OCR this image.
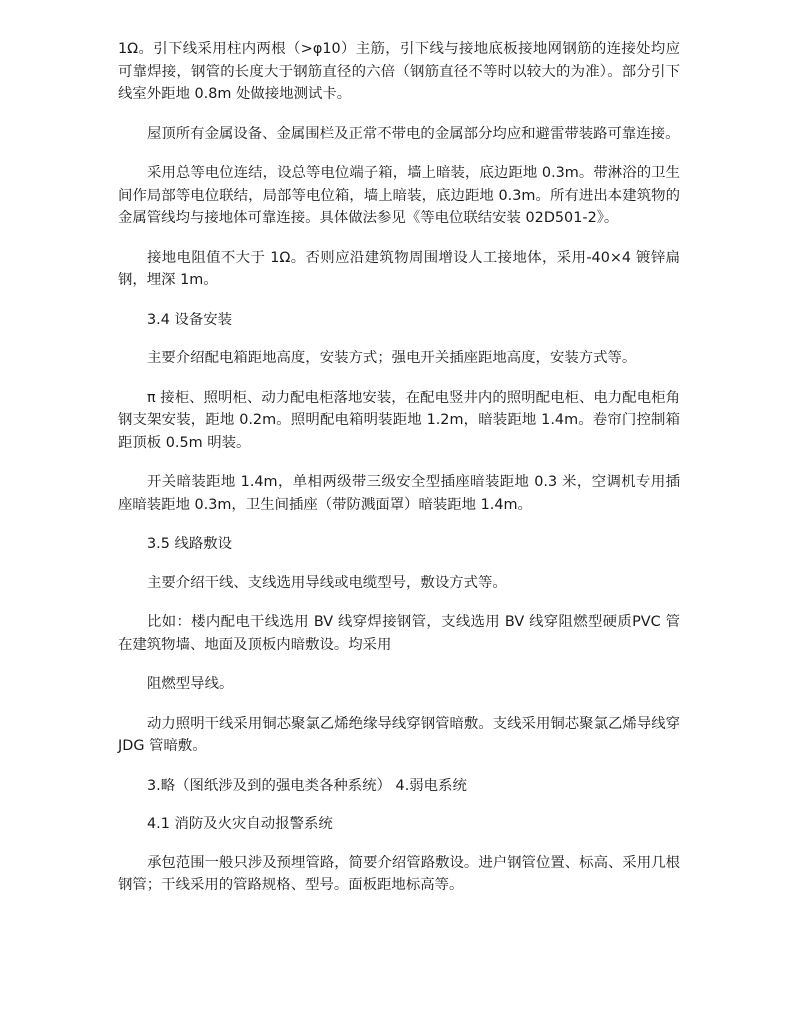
1Ω。引下线采用柱内两根（>φ10）主筋，引下线与接地底板接地网钢筋的连接处均应可靠焊接，钢管的长度大于钢筋直径的六倍（钢筋直径不等时以较大的为准）。部分引下线室外距地 0.8m 处做接地测试卡。

屋顶所有金属设备、金属围栏及正常不带电的金属部分均应和避雷带装路可靠连接。

采用总等电位连结，设总等电位端子箱，墙上暗装，底边距地 0.3m。带淋浴的卫生间作局部等电位联结，局部等电位箱，墙上暗装，底边距地 0.3m。所有进出本建筑物的金属管线均与接地体可靠连接。具体做法参见《等电位联结安装 02D501-2》。

接地电阻值不大于 1Ω。否则应沿建筑物周围增设人工接地体，采用-40×4 镀锌扁钢，埋深 1m。

3.4 设备安装

主要介绍配电箱距地高度，安装方式；强电开关插座距地高度，安装方式等。

π 接柜、照明柜、动力配电柜落地安装，在配电竖井内的照明配电柜、电力配电柜角钢支架安装，距地 0.2m。照明配电箱明装距地 1.2m，暗装距地 1.4m。卷帘门控制箱距顶板 0.5m 明装。

开关暗装距地 1.4m，单相两级带三级安全型插座暗装距地 0.3 米，空调机专用插座暗装距地 0.3m，卫生间插座（带防溅面罩）暗装距地 1.4m。

3.5 线路敷设

主要介绍干线、支线选用导线或电缆型号，敷设方式等。

比如：楼内配电干线选用 BV 线穿焊接钢管，支线选用 BV 线穿阻燃型硬质PVC 管在建筑物墙、地面及顶板内暗敷设。均采用

阻燃型导线。

动力照明干线采用铜芯聚氯乙烯绝缘导线穿钢管暗敷。支线采用铜芯聚氯乙烯导线穿 JDG 管暗敷。

3.略（图纸涉及到的强电类各种系统） 4.弱电系统

4.1 消防及火灾自动报警系统

承包范围一般只涉及预埋管路，简要介绍管路敷设。进户钢管位置、标高、采用几根钢管；干线采用的管路规格、型号。面板距地标高等。
